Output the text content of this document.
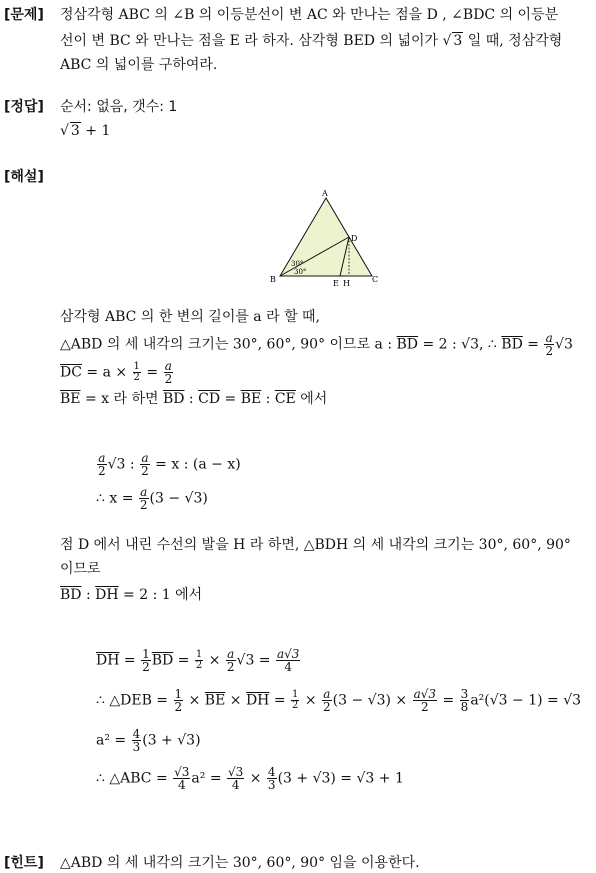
[문제] 정삼각형 ABC 의 ∠B 의 이등분선이 변 AC 와 만나는 점을 D , ∠BDC 의 이등분
선이 변 BC 와 만나는 점을 E 라 하자. 삼각형 BED 의 넓이가 √ 3 일 때, 정삼각형
ABC 의 넓이를 구하여라.
[정답] 순서: 없음, 갯수: 1
√ 3 + 1
[해설]
A
B	C
D
E H
30°
30°
삼각형 ABC 의 한 변의 길이를 a 라 할 때,
△ABD 의 세 내각의 크기는 30°, 60°, 90° 이므로 a : $\overline{BD} = 2$ : √3, ∴ $\overline{BD} = \frac{a}{2} √3$
$\overline{DC} = a \times \frac{1}{2} = \frac{a}{2}$
$\overline{BE} = x$ 라 하면 $\overline{BD}$ : $\overline{CD} = \overline{BE}$ : $\overline{CE}$ 에서
$\frac{a}{2} √3$ : $\frac{a}{2} = x$ : (a − x)
∴ $x = \frac{a}{2} (3 - √3)$
점 D 에서 내린 수선의 발을 H 라 하면, △BDH 의 세 내각의 크기는 30°, 60°, 90°
이므로
$\overline{BD}$ : $\overline{DH} = 2$ : 1 에서
$\overline{DH} = \frac{1}{2} \overline{BD} = \frac{1}{2} \times \frac{a}{2} √3 = \frac{a√3}{4}$
∴ △DEB = $\frac{1}{2} \times \overline{BE} \times \overline{DH} = \frac{1}{2} \times \frac{a}{2} (3 - √3) \times \frac{a√3}{2} = \frac{3}{8} a^2(√3 - 1) = √3$
$a^2 = \frac{4}{3} (3 + √3)$
∴ △ABC = $\frac{√3}{4} a^2 = \frac{√3}{4} \times \frac{4}{3} (3 + √3) = √3 + 1$
[힌트] △ABD 의 세 내각의 크기는 30°, 60°, 90° 임을 이용한다.
